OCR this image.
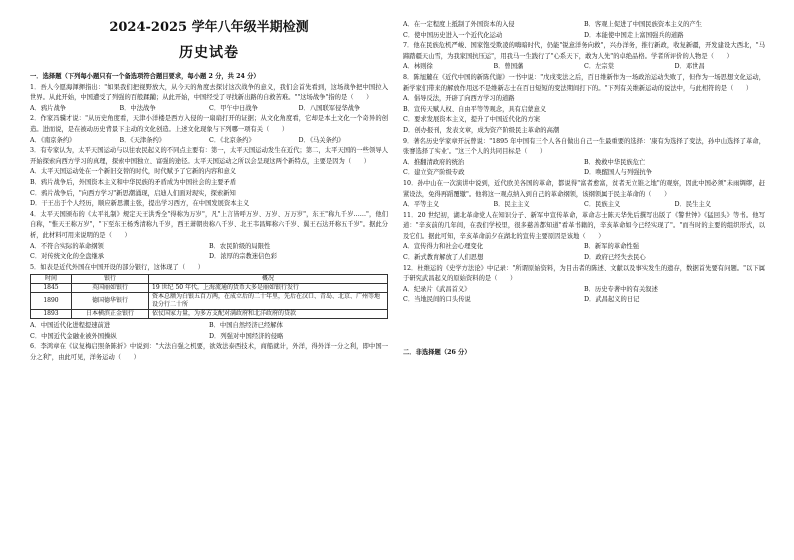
2024-2025 学年八年级半期检测
历史试卷
一．选择题（下列每小题只有一个备选项符合题目要求，每小题 2 分，共 24 分）

1．吾人今愿海渾揮指出："如果我们把视野放大，从今天的角度去探讨这次战争的意义，我们会首先看到，这场战争把中国拉入世界。从此开始，中国遭受了列强的百般蹂躏；从此开始，中国经受了寻找新出路的自救苦难。""这场战争"指的是（　　）

A．鸦片战争	B．中法战争	C．甲午中日战争	D．八国联军侵华战争

2．作家冯骥才说："从历史角度看，天津小洋楼是西方入侵的一扇扇打开的证据；从文化角度看，它却是本土文化一个奇异的创造。进而说，是在被动历史背景下主动的文化创造。上述文化现象与下列哪一项有关（　　）

A．《南京条约》	B．《天津条约》	C．《北京条约》	D．《马关条约》

3．有专家认为，太平天国运动与以往农民起义的不同点主要有：第一，太平天国运动发生在近代；第二，太平天国的一些领导人开始探索向西方学习的真理，探索中国独立、富强的途径。太平天国运动之所以会呈现这两个新特点，主要是因为（　　）

A．太平天国运动处在一个新旧交替的时代，时代赋予了它新的内容和意义
B．鸦片战争后，外国资本主义和中华民族的矛盾成为中国社会的主要矛盾
C．鸦片战争后，"向西方学习"新思潮涌现，启迪人们面对现实，探索新知
D．干王出于个人经历，顺应新思潮主张，提出学习西方，在中国发展资本主义

4．太平天国颁布的《太平礼制》规定天王洪秀全"得称为万岁"，凡"上言皆呼万岁、万岁、万万岁"，东王"称九千岁……"，他们自称，"惟天王称万岁"，"下至东王杨秀清称九千岁，西王萧朝贵称八千岁、北王韦昌辉称六千岁、翼王石达开称五千岁"。据此分析，此材料可用来说明的是（　　）

A．不符合实际的革命纲领	B．农民阶级的局限性
C．对传统文化的全盘继承	D．浓厚的宗教迷信色彩

5．如表是近代外国在中国开设的部分银行，这体现了（　　）

时间	银行	概况
1845	英国丽如银行	19 世纪 50 年代，上海流通的货币大多是丽如银行发行
1890	德国德华银行	资本总额为白银五百万两，在成立后的二十年里，先后在汉口、青岛、北京、广州等地设分行二十所
1893	日本横滨正金银行	依仗国家力量，为多方支配对满政府和北洋政府的贷款
A．中国近代化进程提速前进	B．中国自然经济已经解体
C．中国近代金融业被外国操纵	D．列强对中国经济的侵略

6．李鸿章在《议复梅启照条陈折》中说到："大法自强之机要，欲效法泰西技术，商船就计，外洋，得外洋一分之利，即中国一分之利"，由此可见，洋务运动（　　）

A．在一定程度上抵制了外国资本的入侵	B．客观上促进了中国民族资本主义的产生
C．使中国历史进入一个近代化运动	D．本能使中国走上富国强兵的道路

7．他在民族危机严峻、国家饱受欺凌的嗨暗时代，仍能"锐意洋务向救"，兴办洋务，推行新政，收复新疆，开发建设大西北，"马蹄踏疆天山雪，为我家国抗压运"，用我马一生践行了"心系天下，敢为人先"的卓绝品格。学者所评价的人物是（　　）

A．林则徐	B．曾国藩	C．左宗棠	D．邓世昌

8．陈旭麓在《近代中国的新陈代谢》一书中说："戊戌变法之后，百日维新作为一场政治运动失败了，但作为一场思想文化运动，新学家们带来的解放作用远不是维新志士在百日短短的变法期间打下的。"下列有关维新运动的说法中，与此相符的是（　　）

A．倡导反法，开辟了向西方学习的道路
B．宣传天赋人权、自由平等等观念，具有启蒙意义
C．要求发展资本主义，提升了中国近代化的方案
D．创办报刊，发表文章，成为资产阶级民主革命的高潮

9．著名历史学家章开沅曾说："1895 年中国有三个人各自做出自己一生最重要的选择：'康有为选择了变法，孙中山选择了革命，张謇选择了实业'。"这三个人的共同目标是（　　）

A．推翻清政府的统治	B．挽救中华民族危亡
C．建立资产阶级专政	D．唤醒国人与列强抗争

10．孙中山在一次演讲中说到，近代欧美各国的革命，都说得"富者愈富，贫者无立锥之地"的观察，因此中国必须"未雨绸缪，赶紧设法，免得再蹈覆辙"。他将这一观点纳入到自己的革命纲领，该纲领属于民主革命的（　　）

A．平等主义	B．民主主义	C．民族主义	D．民生主义

11．20 世纪初，湖北革命党人在知识分子、新军中宣传革命，革命志士陈天华先后撰写出版了《警世钟》《猛回头》等书。他写道："辛亥前的几年间，在我们学校里，很多慈善都知道"看革书籍的，辛亥革命如今已经实现了"。"而当时的主要的组织形式，以及它们。据此可知，辛亥革命前夕在湖北的宣传主要原因是该地（　　）

A．宣传得力和社会心理变化	B．新军的革命性强
C．新式教育解放了人们思想	D．政府已经失去民心

12．杜维运的《史学方法论》中记录："所谓原始资料，为目击者的陈述、文献以及事实发生的遗存，数据首先要有问题。"以下属于研究武昌起义的原始资料的是（　　）

A．纪录片《武昌首义》	B．历史专著中的有关叙述
C．当地民间的口头传说	D．武昌起义的日记
二．非选择题（26 分）
